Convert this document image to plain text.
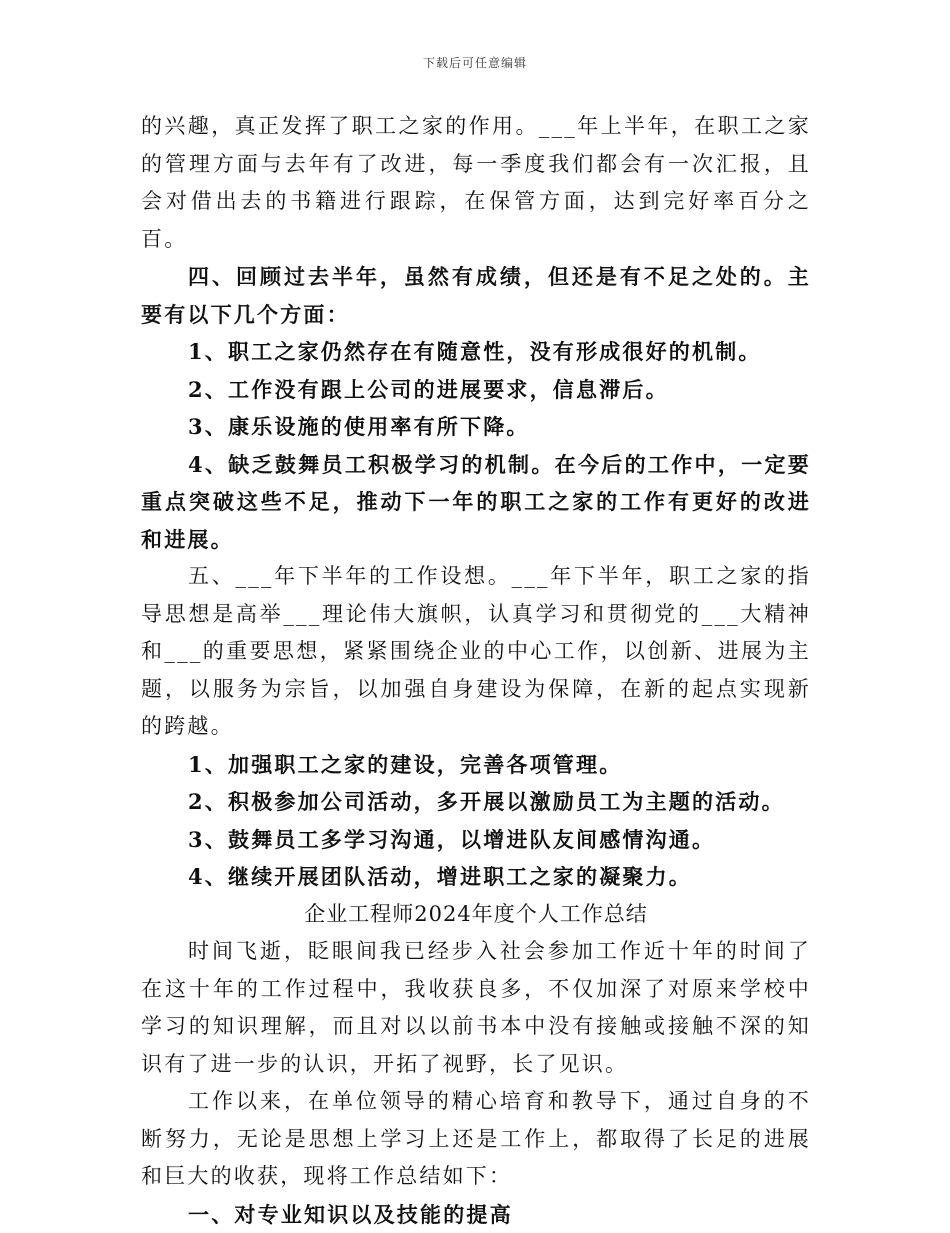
下载后可任意编辑

的兴趣，真正发挥了职工之家的作用。___年上半年，在职工之家的管理方面与去年有了改进，每一季度我们都会有一次汇报，且会对借出去的书籍进行跟踪，在保管方面，达到完好率百分之百。

四、回顾过去半年，虽然有成绩，但还是有不足之处的。主要有以下几个方面：

1、职工之家仍然存在有随意性，没有形成很好的机制。

2、工作没有跟上公司的进展要求，信息滞后。

3、康乐设施的使用率有所下降。

4、缺乏鼓舞员工积极学习的机制。在今后的工作中，一定要重点突破这些不足，推动下一年的职工之家的工作有更好的改进和进展。

五、___年下半年的工作设想。___年下半年，职工之家的指导思想是高举___理论伟大旗帜，认真学习和贯彻党的___大精神和___的重要思想，紧紧围绕企业的中心工作，以创新、进展为主题，以服务为宗旨，以加强自身建设为保障，在新的起点实现新的跨越。

1、加强职工之家的建设，完善各项管理。

2、积极参加公司活动，多开展以激励员工为主题的活动。

3、鼓舞员工多学习沟通，以增进队友间感情沟通。

4、继续开展团队活动，增进职工之家的凝聚力。

企业工程师2024年度个人工作总结

时间飞逝，眨眼间我已经步入社会参加工作近十年的时间了在这十年的工作过程中，我收获良多，不仅加深了对原来学校中学习的知识理解，而且对以以前书本中没有接触或接触不深的知识有了进一步的认识，开拓了视野，长了见识。

工作以来，在单位领导的精心培育和教导下，通过自身的不断努力，无论是思想上学习上还是工作上，都取得了长足的进展和巨大的收获，现将工作总结如下：

一、对专业知识以及技能的提高
